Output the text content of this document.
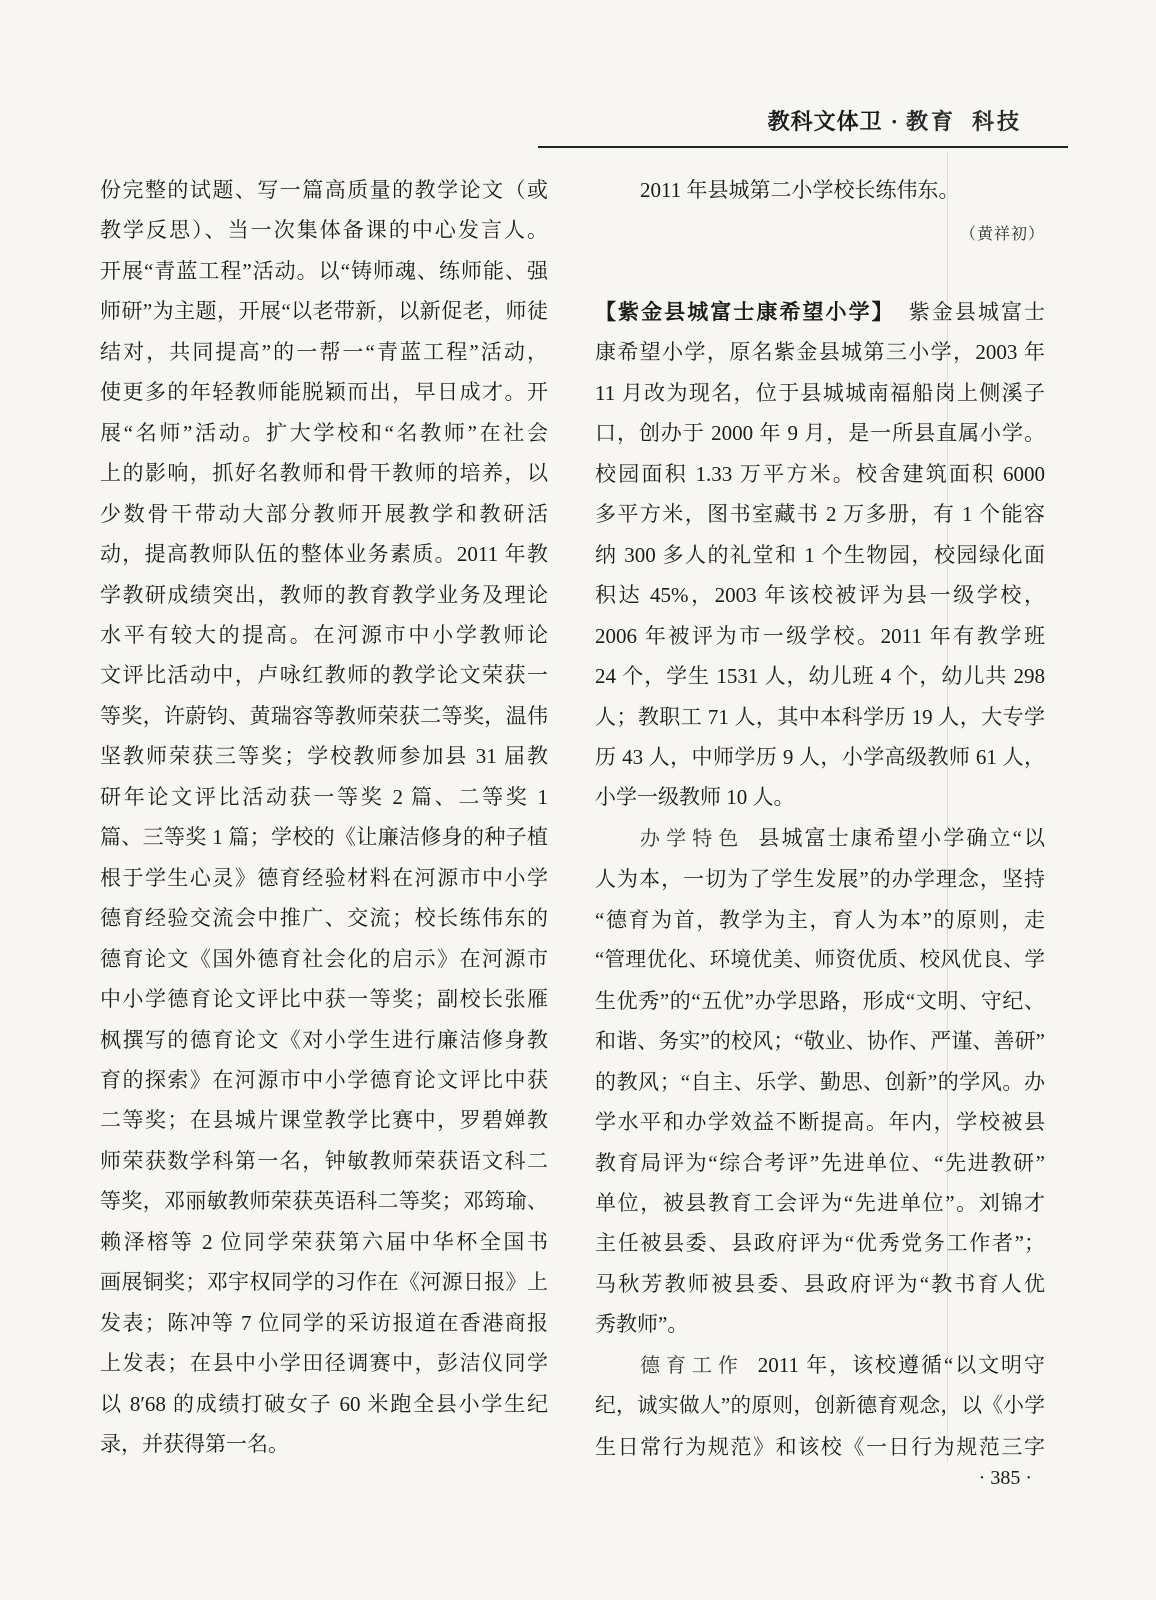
教科文体卫 · 教育 科技
份完整的试题、写一篇高质量的教学论文（或
教学反思）、当一次集体备课的中心发言人。
开展“青蓝工程”活动。以“铸师魂、练师能、强
师研”为主题，开展“以老带新，以新促老，师徒
结对，共同提高”的一帮一“青蓝工程”活动，
使更多的年轻教师能脱颖而出，早日成才。开
展“名师”活动。扩大学校和“名教师”在社会
上的影响，抓好名教师和骨干教师的培养，以
少数骨干带动大部分教师开展教学和教研活
动，提高教师队伍的整体业务素质。2011 年教
学教研成绩突出，教师的教育教学业务及理论
水平有较大的提高。在河源市中小学教师论
文评比活动中，卢咏红教师的教学论文荣获一
等奖，许蔚钧、黄瑞容等教师荣获二等奖，温伟
坚教师荣获三等奖；学校教师参加县 31 届教
研年论文评比活动获一等奖 2 篇、二等奖 1
篇、三等奖 1 篇；学校的《让廉洁修身的种子植
根于学生心灵》德育经验材料在河源市中小学
德育经验交流会中推广、交流；校长练伟东的
德育论文《国外德育社会化的启示》在河源市
中小学德育论文评比中获一等奖；副校长张雁
枫撰写的德育论文《对小学生进行廉洁修身教
育的探索》在河源市中小学德育论文评比中获
二等奖；在县城片课堂教学比赛中，罗碧婵教
师荣获数学科第一名，钟敏教师荣获语文科二
等奖，邓丽敏教师荣获英语科二等奖；邓筠瑜、
赖泽榕等 2 位同学荣获第六届中华杯全国书
画展铜奖；邓宇权同学的习作在《河源日报》上
发表；陈冲等 7 位同学的采访报道在香港商报
上发表；在县中小学田径调赛中，彭洁仪同学
以 8′68 的成绩打破女子 60 米跑全县小学生纪
录，并获得第一名。
2011 年县城第二小学校长练伟东。
（黄祥初）
【紫金县城富士康希望小学】 紫金县城富士
康希望小学，原名紫金县城第三小学，2003 年
11 月改为现名，位于县城城南福船岗上侧溪子
口，创办于 2000 年 9 月，是一所县直属小学。
校园面积 1.33 万平方米。校舍建筑面积 6000
多平方米，图书室藏书 2 万多册，有 1 个能容
纳 300 多人的礼堂和 1 个生物园，校园绿化面
积达 45%，2003 年该校被评为县一级学校，
2006 年被评为市一级学校。2011 年有教学班
24 个，学生 1531 人，幼儿班 4 个，幼儿共 298
人；教职工 71 人，其中本科学历 19 人，大专学
历 43 人，中师学历 9 人，小学高级教师 61 人，
小学一级教师 10 人。
办学特色 县城富士康希望小学确立“以
人为本，一切为了学生发展”的办学理念，坚持
“德育为首，教学为主，育人为本”的原则，走
“管理优化、环境优美、师资优质、校风优良、学
生优秀”的“五优”办学思路，形成“文明、守纪、
和谐、务实”的校风；“敬业、协作、严谨、善研”
的教风；“自主、乐学、勤思、创新”的学风。办
学水平和办学效益不断提高。年内，学校被县
教育局评为“综合考评”先进单位、“先进教研”
单位，被县教育工会评为“先进单位”。刘锦才
主任被县委、县政府评为“优秀党务工作者”；
马秋芳教师被县委、县政府评为“教书育人优
秀教师”。
德育工作 2011 年，该校遵循“以文明守
纪，诚实做人”的原则，创新德育观念，以《小学
生日常行为规范》和该校《一日行为规范三字
· 385 ·
